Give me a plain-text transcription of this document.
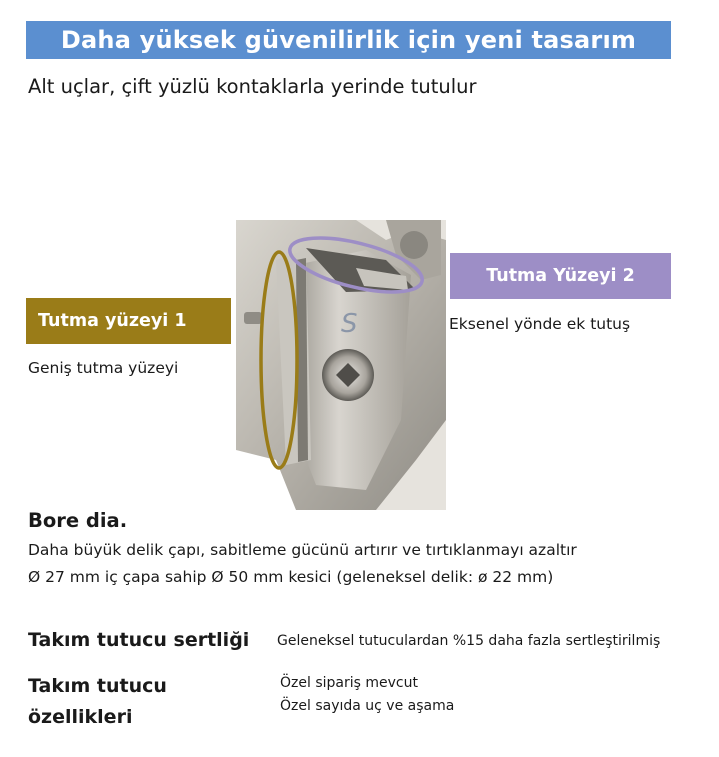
Daha yüksek güvenilirlik için yeni tasarım
Alt uçlar, çift yüzlü kontaklarla yerinde tutulur
S
Tutma yüzeyi 1
Geniş tutma yüzeyi
Tutma Yüzeyi 2
Eksenel yönde ek tutuş
Bore dia.
Daha büyük delik çapı, sabitleme gücünü artırır ve tırtıklanmayı azaltır
Ø 27 mm iç çapa sahip Ø 50 mm kesici (geleneksel delik: ø 22 mm)
Takım tutucu sertliği Geleneksel tutuculardan %15 daha fazla sertleştirilmiş
Takım tutucu
özellikleri
Özel sipariş mevcut
Özel sayıda uç ve aşama
